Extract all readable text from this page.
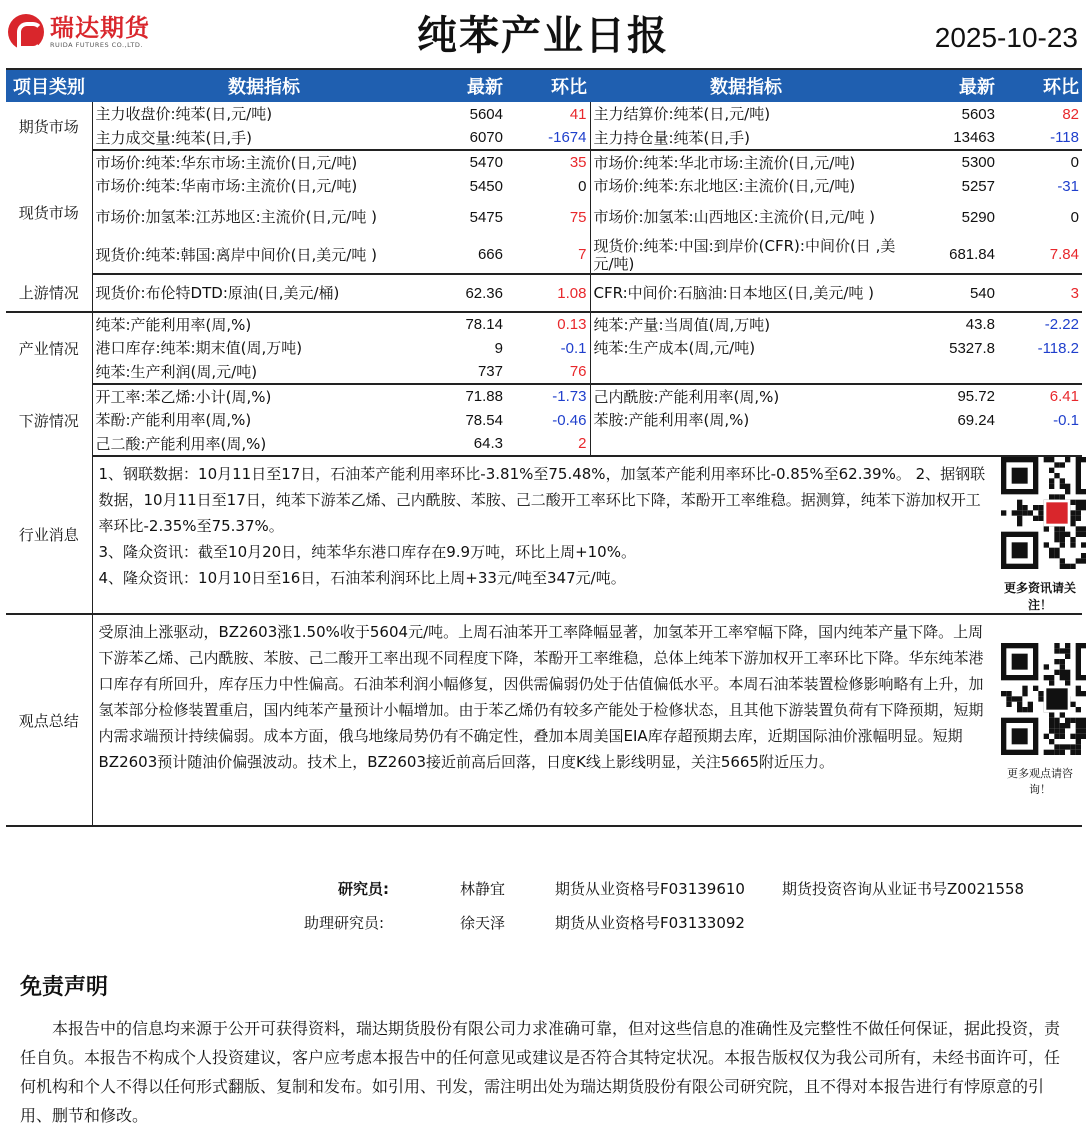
瑞达期货
RUIDA FUTURES CO.,LTD.	纯苯产业日报	2025-10-23
项目类别	数据指标	最新	环比	数据指标	最新	环比
期货市场	主力收盘价:纯苯(日,元/吨)	5604	41	主力结算价:纯苯(日,元/吨)	5603	82
	主力成交量:纯苯(日,手)	6070	-1674	主力持仓量:纯苯(日,手)	13463	-118
现货市场	市场价:纯苯:华东市场:主流价(日,元/吨)	5470	35	市场价:纯苯:华北市场:主流价(日,元/吨)	5300	0
	市场价:纯苯:华南市场:主流价(日,元/吨)	5450	0	市场价:纯苯:东北地区:主流价(日,元/吨)	5257	-31
	市场价:加氢苯:江苏地区:主流价(日,元/吨 )	5475	75	市场价:加氢苯:山西地区:主流价(日,元/吨 )	5290	0
	现货价:纯苯:韩国:离岸中间价(日,美元/吨 )	666	7	现货价:纯苯:中国:到岸价(CFR):中间价(日 ,美元/吨)	681.84	7.84
上游情况	现货价:布伦特DTD:原油(日,美元/桶)	62.36	1.08	CFR:中间价:石脑油:日本地区(日,美元/吨 )	540	3
产业情况	纯苯:产能利用率(周,%)	78.14	0.13	纯苯:产量:当周值(周,万吨)	43.8	-2.22
	港口库存:纯苯:期末值(周,万吨)	9	-0.1	纯苯:生产成本(周,元/吨)	5327.8	-118.2
	纯苯:生产利润(周,元/吨)	737	76			
下游情况	开工率:苯乙烯:小计(周,%)	71.88	-1.73	己内酰胺:产能利用率(周,%)	95.72	6.41
	苯酚:产能利用率(周,%)	78.54	-0.46	苯胺:产能利用率(周,%)	69.24	-0.1
	己二酸:产能利用率(周,%)	64.3	2			
行业消息	1、钢联数据：10月11日至17日，石油苯产能利用率环比-3.81%至75.48%，加氢苯产能利用率环比-0.85%至62.39%。 2、据钢联数据，10月11日至17日，纯苯下游苯乙烯、己内酰胺、苯胺、己二酸开工率环比下降，苯酚开工率维稳。据测算，纯苯下游加权开工率环比-2.35%至75.37%。
3、隆众资讯：截至10月20日，纯苯华东港口库存在9.9万吨，环比上周+10%。
4、隆众资讯：10月10日至16日，石油苯利润环比上周+33元/吨至347元/吨。					更多资讯请关注！

观点总结	受原油上涨驱动，BZ2603涨1.50%收于5604元/吨。上周石油苯开工率降幅显著，加氢苯开工率窄幅下降，国内纯苯产量下降。上周下游苯乙烯、己内酰胺、苯胺、己二酸开工率出现不同程度下降，苯酚开工率维稳，总体上纯苯下游加权开工率环比下降。华东纯苯港口库存有所回升，库存压力中性偏高。石油苯利润小幅修复，因供需偏弱仍处于估值偏低水平。本周石油苯装置检修影响略有上升，加氢苯部分检修装置重启，国内纯苯产量预计小幅增加。由于苯乙烯仍有较多产能处于检修状态，且其他下游装置负荷有下降预期，短期内需求端预计持续偏弱。成本方面，俄乌地缘局势仍有不确定性，叠加本周美国EIA库存超预期去库，近期国际油价涨幅明显。短期BZ2603预计随油价偏强波动。技术上，BZ2603接近前高后回落，日度K线上影线明显，关注5665附近压力。					更多观点请咨询！
研究员:	林静宜	期货从业资格号F03139610 期货投资咨询从业证书号Z0021558
助理研究员:	徐天泽	期货从业资格号F03133092
免责声明
本报告中的信息均来源于公开可获得资料，瑞达期货股份有限公司力求准确可靠，但对这些信息的准确性及完整性不做任何保证，据此投资，责任自负。本报告不构成个人投资建议，客户应考虑本报告中的任何意见或建议是否符合其特定状况。本报告版权仅为我公司所有，未经书面许可，任何机构和个人不得以任何形式翻版、复制和发布。如引用、刊发，需注明出处为瑞达期货股份有限公司研究院，且不得对本报告进行有悖原意的引用、删节和修改。
